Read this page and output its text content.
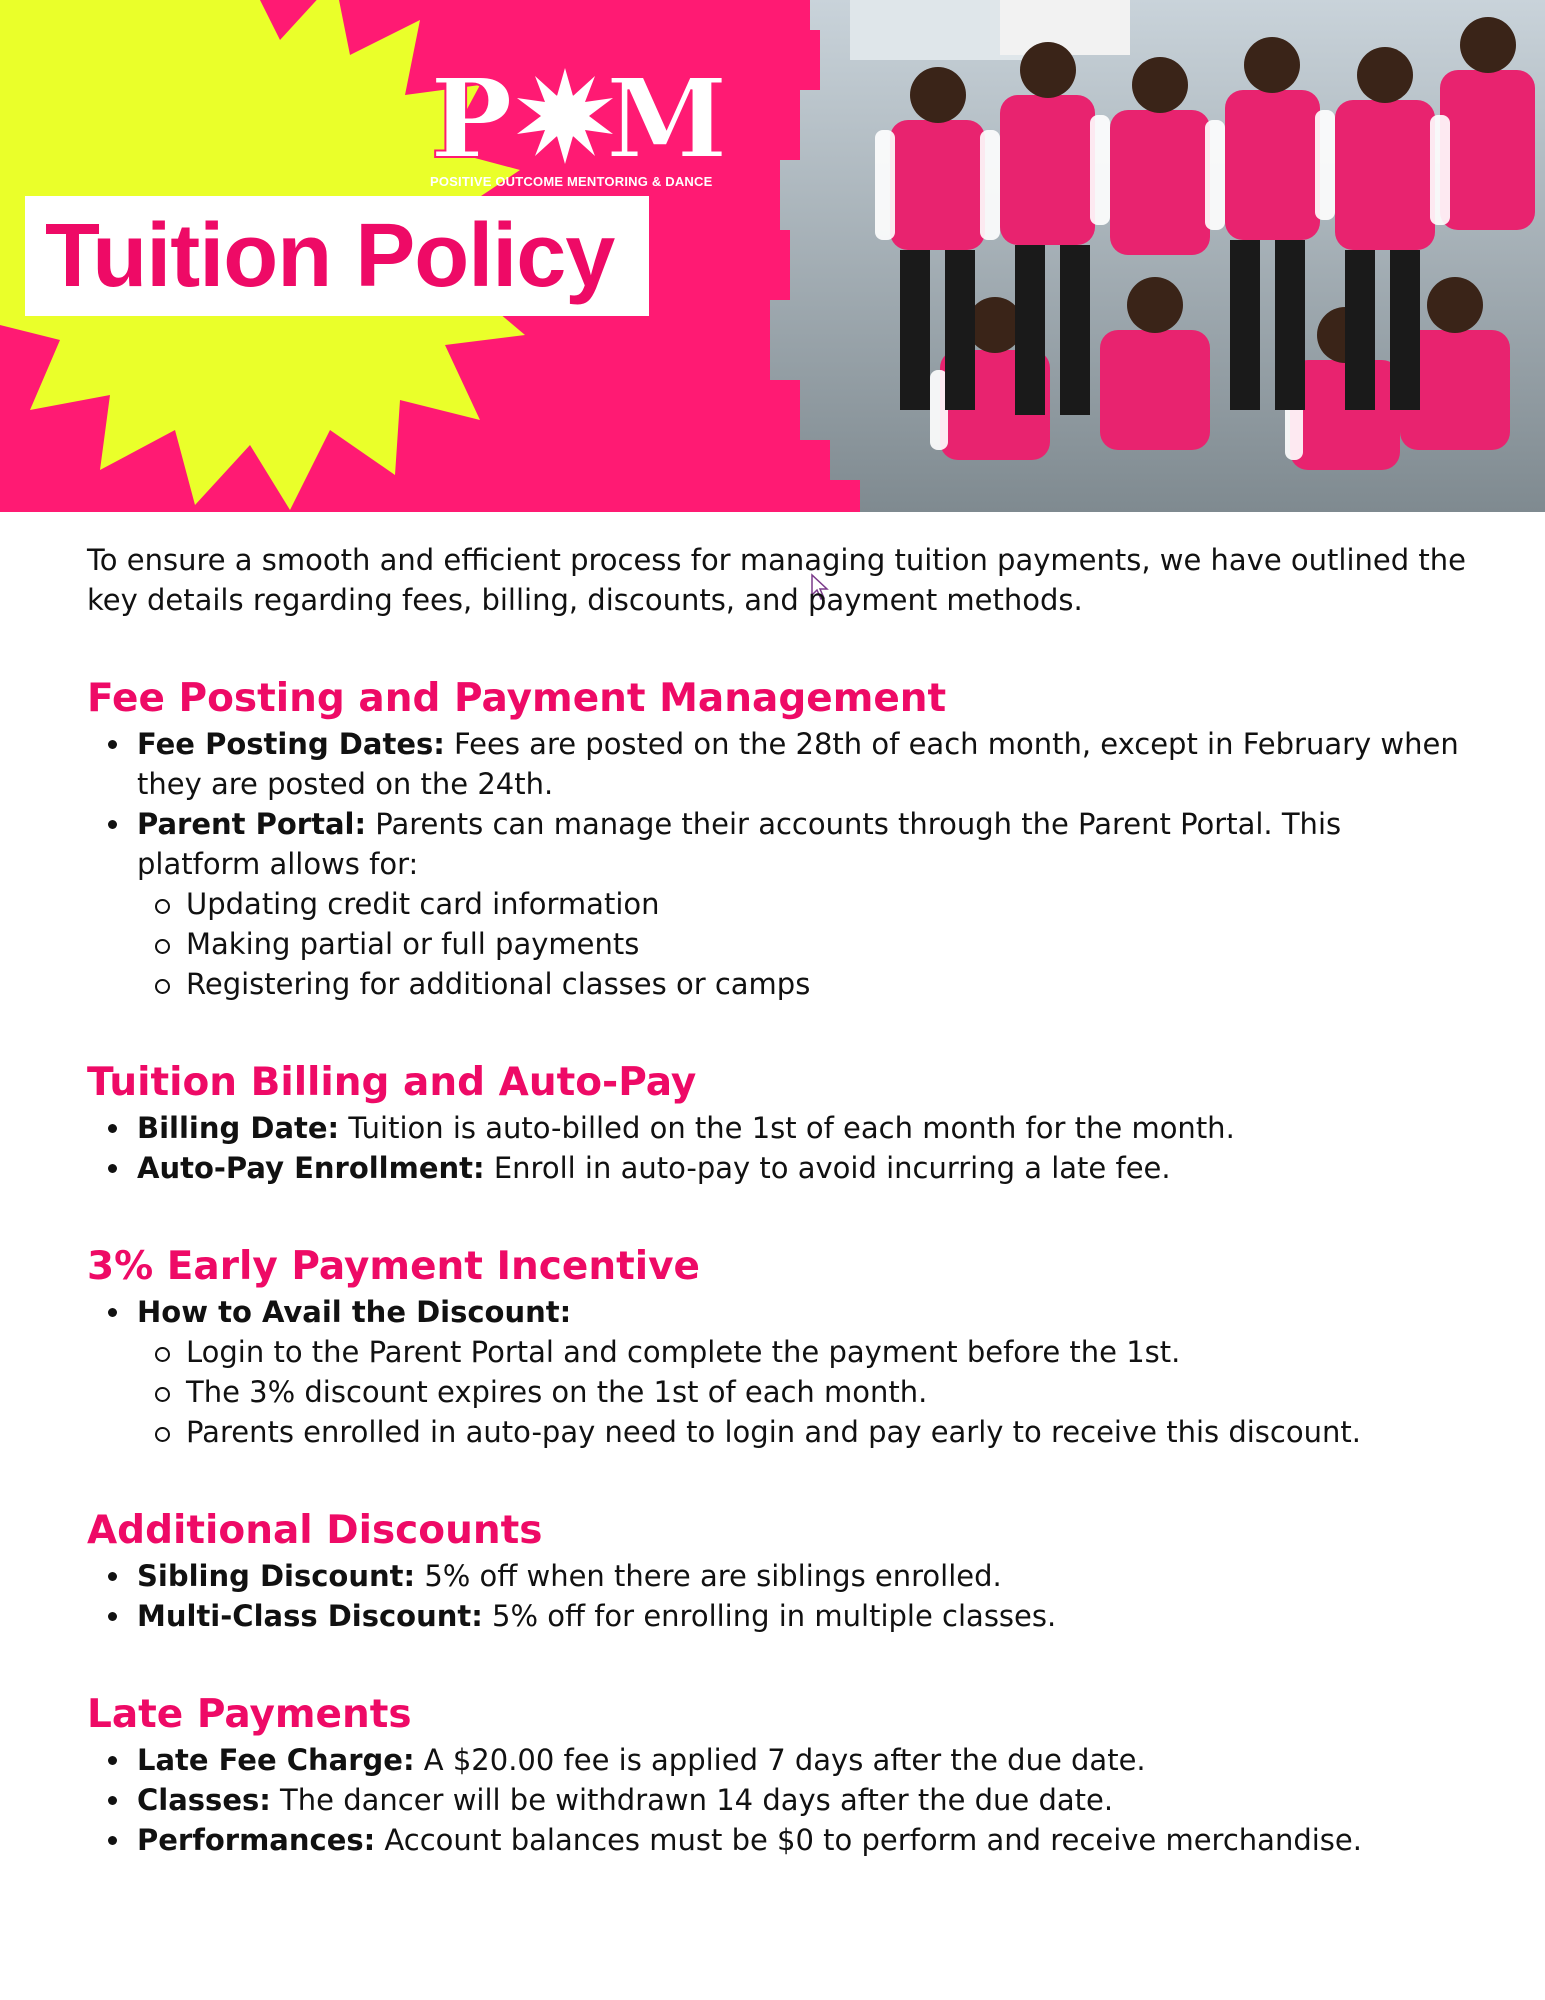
P M
POSITIVE OUTCOME MENTORING & DANCE
Tuition Policy

To ensure a smooth and efficient process for managing tuition payments, we have outlined the key details regarding fees, billing, discounts, and payment methods.

Fee Posting and Payment Management
Fee Posting Dates: Fees are posted on the 28th of each month, except in February when they are posted on the 24th.
Parent Portal: Parents can manage their accounts through the Parent Portal. This platform allows for:
Updating credit card information
Making partial or full payments
Registering for additional classes or camps
Tuition Billing and Auto-Pay
Billing Date: Tuition is auto-billed on the 1st of each month for the month.
Auto-Pay Enrollment: Enroll in auto-pay to avoid incurring a late fee.
3% Early Payment Incentive
How to Avail the Discount:
Login to the Parent Portal and complete the payment before the 1st.
The 3% discount expires on the 1st of each month.
Parents enrolled in auto-pay need to login and pay early to receive this discount.
Additional Discounts
Sibling Discount: 5% off when there are siblings enrolled.
Multi-Class Discount: 5% off for enrolling in multiple classes.
Late Payments
Late Fee Charge: A $20.00 fee is applied 7 days after the due date.
Classes: The dancer will be withdrawn 14 days after the due date.
Performances: Account balances must be $0 to perform and receive merchandise.
